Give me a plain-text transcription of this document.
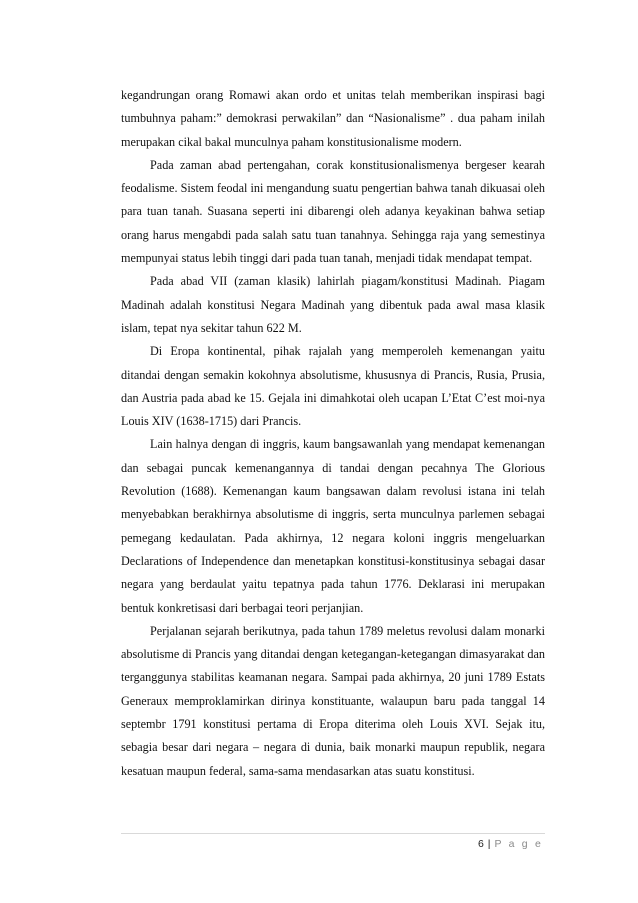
kegandrungan orang Romawi akan ordo et unitas telah memberikan inspirasi bagi tumbuhnya paham:” demokrasi perwakilan” dan “Nasionalisme” . dua paham inilah merupakan cikal bakal munculnya paham konstitusionalisme modern.

Pada zaman abad pertengahan, corak konstitusionalismenya bergeser kearah feodalisme. Sistem feodal ini mengandung suatu pengertian bahwa tanah dikuasai oleh para tuan tanah. Suasana seperti ini dibarengi oleh adanya keyakinan bahwa setiap orang harus mengabdi pada salah satu tuan tanahnya. Sehingga raja yang semestinya mempunyai status lebih tinggi dari pada tuan tanah, menjadi tidak mendapat tempat.

Pada abad VII (zaman klasik) lahirlah piagam/konstitusi Madinah. Piagam Madinah adalah konstitusi Negara Madinah yang dibentuk pada awal masa klasik islam, tepat nya sekitar tahun 622 M.

Di Eropa kontinental, pihak rajalah yang memperoleh kemenangan yaitu ditandai dengan semakin kokohnya absolutisme, khususnya di Prancis, Rusia, Prusia, dan Austria pada abad ke 15. Gejala ini dimahkotai oleh ucapan L’Etat C’est moi-nya Louis XIV (1638-1715) dari Prancis.

Lain halnya dengan di inggris, kaum bangsawanlah yang mendapat kemenangan dan sebagai puncak kemenangannya di tandai dengan pecahnya The Glorious Revolution (1688). Kemenangan kaum bangsawan dalam revolusi istana ini telah menyebabkan berakhirnya absolutisme di inggris, serta munculnya parlemen sebagai pemegang kedaulatan. Pada akhirnya, 12 negara koloni inggris mengeluarkan Declarations of Independence dan menetapkan konstitusi-konstitusinya sebagai dasar negara yang berdaulat yaitu tepatnya pada tahun 1776. Deklarasi ini merupakan bentuk konkretisasi dari berbagai teori perjanjian.

Perjalanan sejarah berikutnya, pada tahun 1789 meletus revolusi dalam monarki absolutisme di Prancis yang ditandai dengan ketegangan-ketegangan dimasyarakat dan terganggunya stabilitas keamanan negara. Sampai pada akhirnya, 20 juni 1789 Estats Generaux memproklamirkan dirinya konstituante, walaupun baru pada tanggal 14 septembr 1791 konstitusi pertama di Eropa diterima oleh Louis XVI. Sejak itu, sebagia besar dari negara – negara di dunia, baik monarki maupun republik, negara kesatuan maupun federal, sama-sama mendasarkan atas suatu konstitusi.

6 | P a g e
